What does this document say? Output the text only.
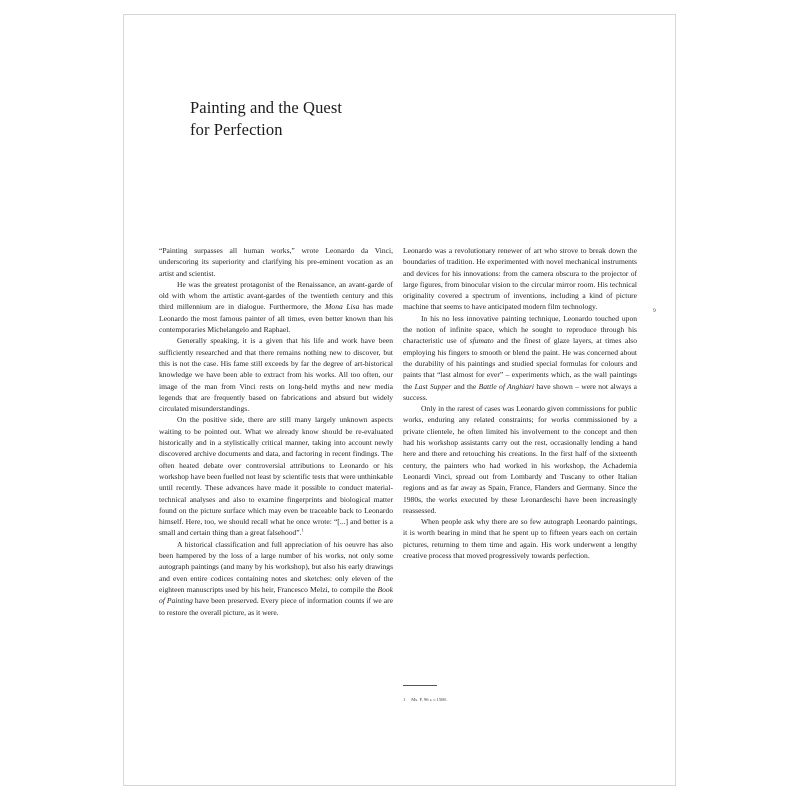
Painting and the Quest
for Perfection
9

“Painting surpasses all human works,” wrote Leonardo da Vinci, underscoring its superiority and clarifying his pre-eminent vocation as an artist and scientist.

He was the greatest protagonist of the Renaissance, an avant-garde of old with whom the artistic avant-gardes of the twentieth century and this third millennium are in dialogue. Furthermore, the Mona Lisa has made Leonardo the most famous painter of all times, even better known than his contemporaries Michelangelo and Raphael.

Generally speaking, it is a given that his life and work have been sufficiently researched and that there remains nothing new to discover, but this is not the case. His fame still exceeds by far the degree of art-historical knowledge we have been able to extract from his works. All too often, our image of the man from Vinci rests on long-held myths and new media legends that are frequently based on fabrications and absurd but widely circulated misunderstandings.

On the positive side, there are still many largely unknown aspects waiting to be pointed out. What we already know should be re-evaluated historically and in a stylistically critical manner, taking into account newly discovered archive documents and data, and factoring in recent findings. The often heated debate over controversial attributions to Leonardo or his workshop have been fuelled not least by scientific tests that were unthinkable until recently. These advances have made it possible to conduct material-technical analyses and also to examine fingerprints and biological matter found on the picture surface which may even be traceable back to Leonardo himself. Here, too, we should recall what he once wrote: “[...] and better is a small and certain thing than a great falsehood”.$^1$

A historical classification and full appreciation of his oeuvre has also been hampered by the loss of a large number of his works, not only some autograph paintings (and many by his workshop), but also his early drawings and even entire codices containing notes and sketches: only eleven of the eighteen manuscripts used by his heir, Francesco Melzi, to compile the Book of Painting have been preserved. Every piece of information counts if we are to restore the overall picture, as it were.

Leonardo was a revolutionary renewer of art who strove to break down the boundaries of tradition. He experimented with novel mechanical instruments and devices for his innovations: from the camera obscura to the projector of large figures, from binocular vision to the circular mirror room. His technical originality covered a spectrum of inventions, including a kind of picture machine that seems to have anticipated modern film technology.

In his no less innovative painting technique, Leonardo touched upon the notion of infinite space, which he sought to reproduce through his characteristic use of sfumato and the finest of glaze layers, at times also employing his fingers to smooth or blend the paint. He was concerned about the durability of his paintings and studied special formulas for colours and paints that “last almost for ever” – experiments which, as the wall paintings the Last Supper and the Battle of Anghiari have shown – were not always a success.

Only in the rarest of cases was Leonardo given commissions for public works, enduring any related constraints; for works commissioned by a private clientele, he often limited his involvement to the concept and then had his workshop assistants carry out the rest, occasionally lending a hand here and there and retouching his creations. In the first half of the sixteenth century, the painters who had worked in his workshop, the Achademia Leonardi Vinci, spread out from Lombardy and Tuscany to other Italian regions and as far away as Spain, France, Flanders and Germany. Since the 1980s, the works executed by these Leonardeschi have been increasingly reassessed.

When people ask why there are so few autograph Leonardo paintings, it is worth bearing in mind that he spent up to fifteen years each on certain pictures, returning to them time and again. His work underwent a lengthy creative process that moved progressively towards perfection.

1 Ms. F, 96 r, c.1508.
